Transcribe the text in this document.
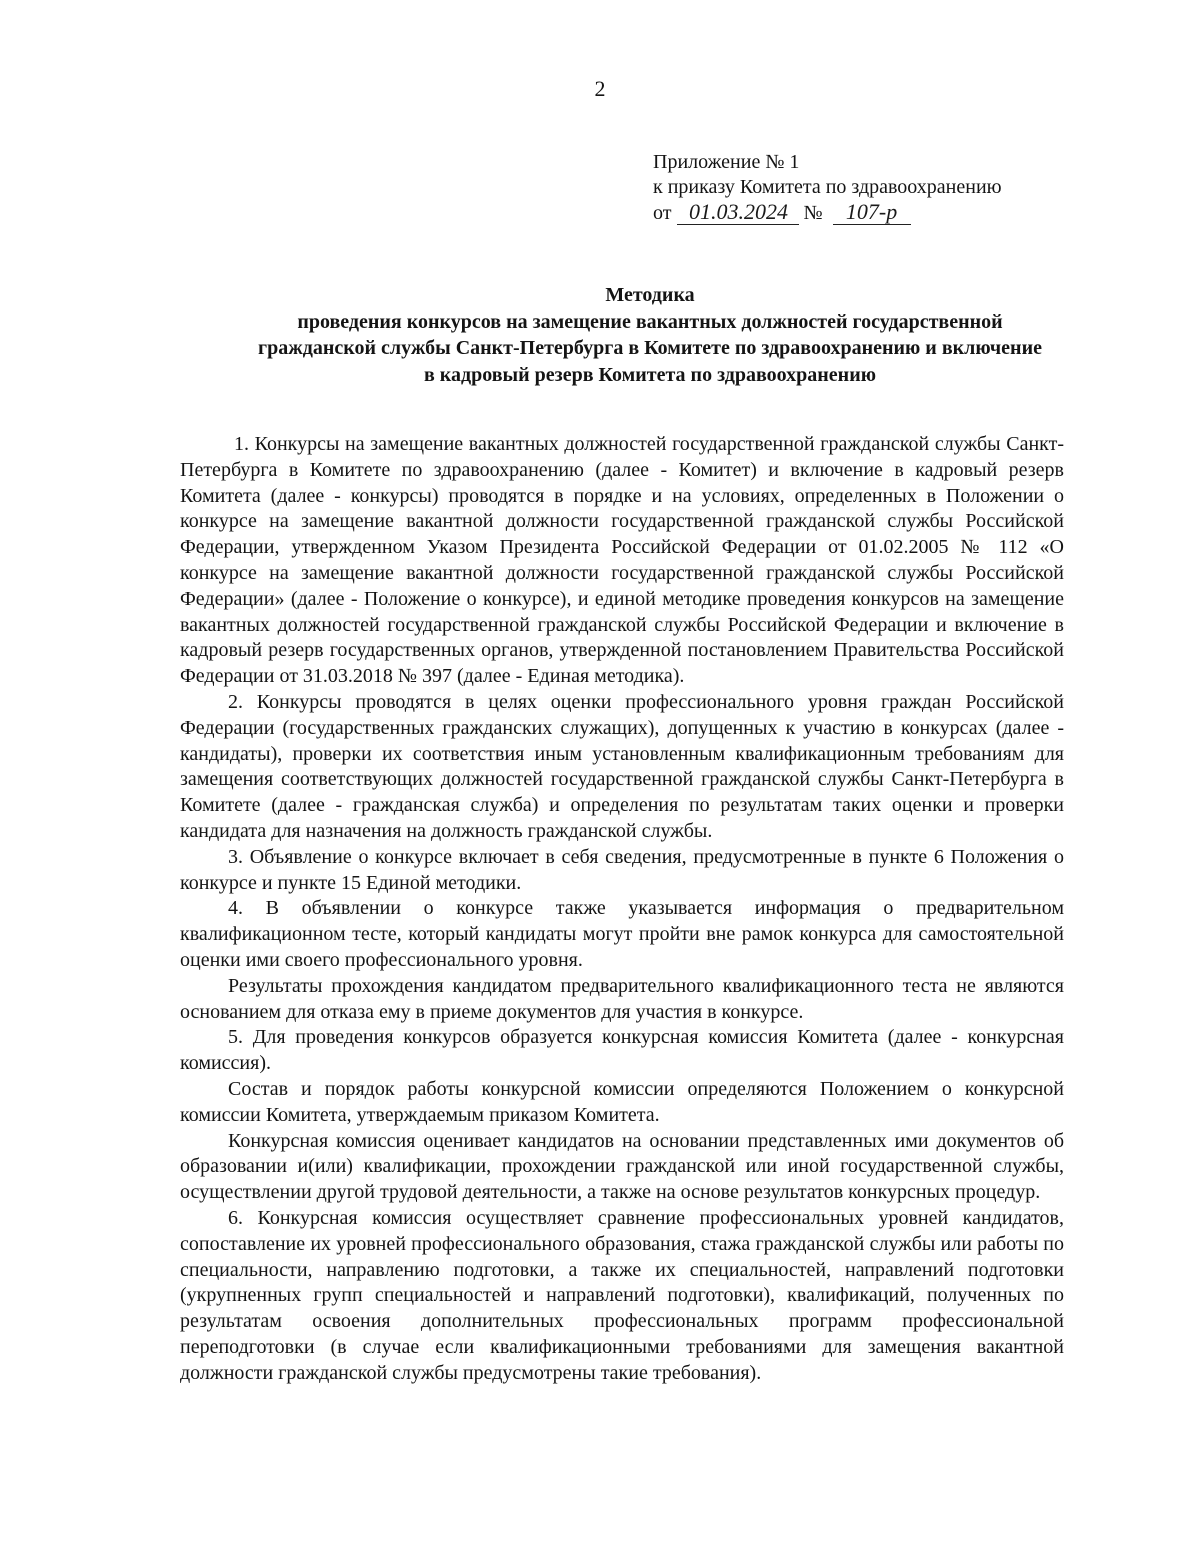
2
Приложение № 1
к приказу Комитета по здравоохранению
от 01.03.2024 № 107-р
Методика
проведения конкурсов на замещение вакантных должностей государственной
гражданской службы Санкт-Петербурга в Комитете по здравоохранению и включение
в кадровый резерв Комитета по здравоохранению

1. Конкурсы на замещение вакантных должностей государственной гражданской службы Санкт-Петербурга в Комитете по здравоохранению (далее - Комитет) и включение в кадровый резерв Комитета (далее - конкурсы) проводятся в порядке и на условиях, определенных в Положении о конкурсе на замещение вакантной должности государственной гражданской службы Российской Федерации, утвержденном Указом Президента Российской Федерации от 01.02.2005 № 112 «О конкурсе на замещение вакантной должности государственной гражданской службы Российской Федерации» (далее - Положение о конкурсе), и единой методике проведения конкурсов на замещение вакантных должностей государственной гражданской службы Российской Федерации и включение в кадровый резерв государственных органов, утвержденной постановлением Правительства Российской Федерации от 31.03.2018 № 397 (далее - Единая методика).

2. Конкурсы проводятся в целях оценки профессионального уровня граждан Российской Федерации (государственных гражданских служащих), допущенных к участию в конкурсах (далее - кандидаты), проверки их соответствия иным установленным квалификационным требованиям для замещения соответствующих должностей государственной гражданской службы Санкт-Петербурга в Комитете (далее - гражданская служба) и определения по результатам таких оценки и проверки кандидата для назначения на должность гражданской службы.

3. Объявление о конкурсе включает в себя сведения, предусмотренные в пункте 6 Положения о конкурсе и пункте 15 Единой методики.

4. В объявлении о конкурсе также указывается информация о предварительном квалификационном тесте, который кандидаты могут пройти вне рамок конкурса для самостоятельной оценки ими своего профессионального уровня.

Результаты прохождения кандидатом предварительного квалификационного теста не являются основанием для отказа ему в приеме документов для участия в конкурсе.

5. Для проведения конкурсов образуется конкурсная комиссия Комитета (далее - конкурсная комиссия).

Состав и порядок работы конкурсной комиссии определяются Положением о конкурсной комиссии Комитета, утверждаемым приказом Комитета.

Конкурсная комиссия оценивает кандидатов на основании представленных ими документов об образовании и(или) квалификации, прохождении гражданской или иной государственной службы, осуществлении другой трудовой деятельности, а также на основе результатов конкурсных процедур.

6. Конкурсная комиссия осуществляет сравнение профессиональных уровней кандидатов, сопоставление их уровней профессионального образования, стажа гражданской службы или работы по специальности, направлению подготовки, а также их специальностей, направлений подготовки (укрупненных групп специальностей и направлений подготовки), квалификаций, полученных по результатам освоения дополнительных профессиональных программ профессиональной переподготовки (в случае если квалификационными требованиями для замещения вакантной должности гражданской службы предусмотрены такие требования).
